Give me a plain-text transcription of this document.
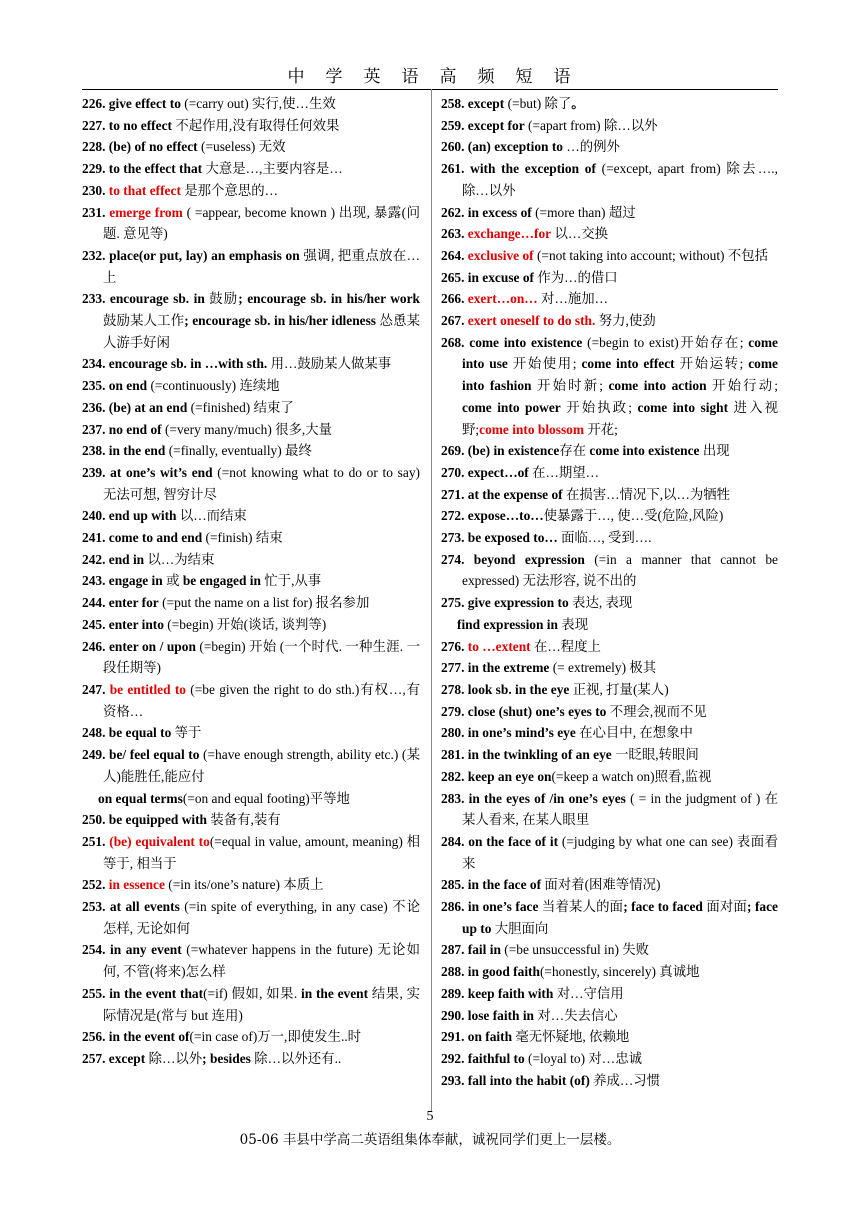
中　学　英　语　高　频　短　语

226. give effect to (=carry out) 实行,使…生效

227. to no effect 不起作用,没有取得任何效果

228. (be) of no effect (=useless) 无效

229. to the effect that 大意是…,主要内容是…

230. to that effect 是那个意思的…

231. emerge from ( =appear, become known ) 出现, 暴露(问题. 意见等)

232. place(or put, lay) an emphasis on 强调, 把重点放在…上

233. encourage sb. in 鼓励; encourage sb. in his/her work 鼓励某人工作; encourage sb. in his/her idleness 怂恿某人游手好闲

234. encourage sb. in …with sth. 用…鼓励某人做某事

235. on end (=continuously) 连续地

236. (be) at an end (=finished) 结束了

237. no end of (=very many/much) 很多,大量

238. in the end (=finally, eventually) 最终

239. at one’s wit’s end (=not knowing what to do or to say) 无法可想, 智穷计尽

240. end up with 以…而结束

241. come to and end (=finish) 结束

242. end in 以…为结束

243. engage in 或 be engaged in 忙于,从事

244. enter for (=put the name on a list for) 报名参加

245. enter into (=begin) 开始(谈话, 谈判等)

246. enter on / upon (=begin) 开始 (一个时代. 一种生涯. 一段任期等)

247. be entitled to (=be given the right to do sth.)有权…,有资格…

248. be equal to 等于

249. be/ feel equal to (=have enough strength, ability etc.) (某人)能胜任,能应付

on equal terms(=on and equal footing)平等地

250. be equipped with 装备有,装有

251. (be) equivalent to(=equal in value, amount, meaning) 相等于, 相当于

252. in essence (=in its/one’s nature) 本质上

253. at all events (=in spite of everything, in any case) 不论怎样, 无论如何

254. in any event (=whatever happens in the future) 无论如何, 不管(将来)怎么样

255. in the event that(=if) 假如, 如果. in the event 结果, 实际情况是(常与 but 连用)

256. in the event of(=in case of)万一,即使发生..时

257. except 除…以外; besides 除…以外还有..

258. except (=but) 除了。

259. except for (=apart from) 除…以外

260. (an) exception to …的例外

261. with the exception of (=except, apart from) 除去…., 除…以外

262. in excess of (=more than) 超过

263. exchange…for 以…交换

264. exclusive of (=not taking into account; without) 不包括

265. in excuse of 作为…的借口

266. exert…on… 对…施加…

267. exert oneself to do sth. 努力,使劲

268. come into existence (=begin to exist)开始存在; come into use 开始使用; come into effect 开始运转; come into fashion 开始时新; come into action 开始行动; come into power 开始执政; come into sight 进入视野;come into blossom 开花;

269. (be) in existence存在 come into existence 出现

270. expect…of 在…期望…

271. at the expense of 在损害…情况下,以…为牺牲

272. expose…to…使暴露于…, 使…受(危险,风险)

273. be exposed to… 面临…, 受到….

274. beyond expression (=in a manner that cannot be expressed) 无法形容, 说不出的

275. give expression to 表达, 表现

find expression in 表现

276. to …extent 在…程度上

277. in the extreme (= extremely) 极其

278. look sb. in the eye 正视, 打量(某人)

279. close (shut) one’s eyes to 不理会,视而不见

280. in one’s mind’s eye 在心目中, 在想象中

281. in the twinkling of an eye 一眨眼,转眼间

282. keep an eye on(=keep a watch on)照看,监视

283. in the eyes of /in one’s eyes ( = in the judgment of ) 在某人看来, 在某人眼里

284. on the face of it (=judging by what one can see) 表面看来

285. in the face of 面对着(困难等情况)

286. in one’s face 当着某人的面; face to faced 面对面; face up to 大胆面向

287. fail in (=be unsuccessful in) 失败

288. in good faith(=honestly, sincerely) 真诚地

289. keep faith with 对…守信用

290. lose faith in 对…失去信心

291. on faith 毫无怀疑地, 依赖地

292. faithful to (=loyal to) 对…忠诚

293. fall into the habit (of) 养成…习惯

5
05-06 丰县中学高二英语组集体奉献，诚祝同学们更上一层楼。
